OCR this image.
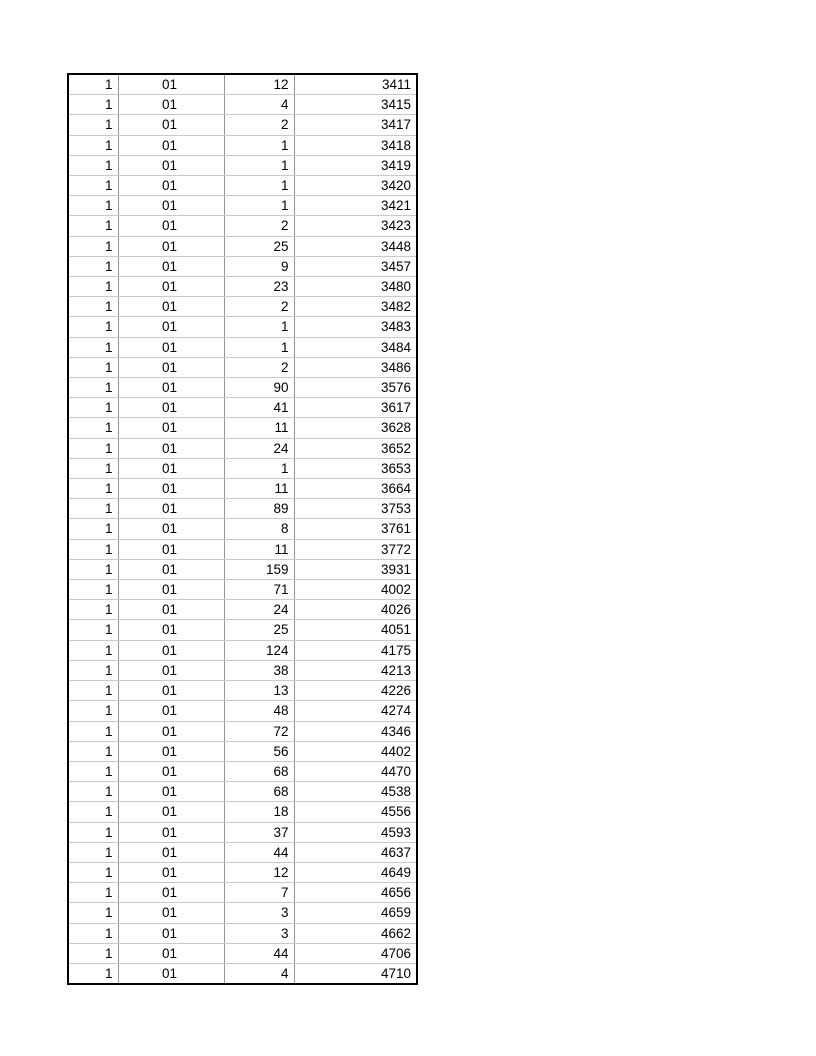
1	01	12	3411
1	01	4	3415
1	01	2	3417
1	01	1	3418
1	01	1	3419
1	01	1	3420
1	01	1	3421
1	01	2	3423
1	01	25	3448
1	01	9	3457
1	01	23	3480
1	01	2	3482
1	01	1	3483
1	01	1	3484
1	01	2	3486
1	01	90	3576
1	01	41	3617
1	01	11	3628
1	01	24	3652
1	01	1	3653
1	01	11	3664
1	01	89	3753
1	01	8	3761
1	01	11	3772
1	01	159	3931
1	01	71	4002
1	01	24	4026
1	01	25	4051
1	01	124	4175
1	01	38	4213
1	01	13	4226
1	01	48	4274
1	01	72	4346
1	01	56	4402
1	01	68	4470
1	01	68	4538
1	01	18	4556
1	01	37	4593
1	01	44	4637
1	01	12	4649
1	01	7	4656
1	01	3	4659
1	01	3	4662
1	01	44	4706
1	01	4	4710
